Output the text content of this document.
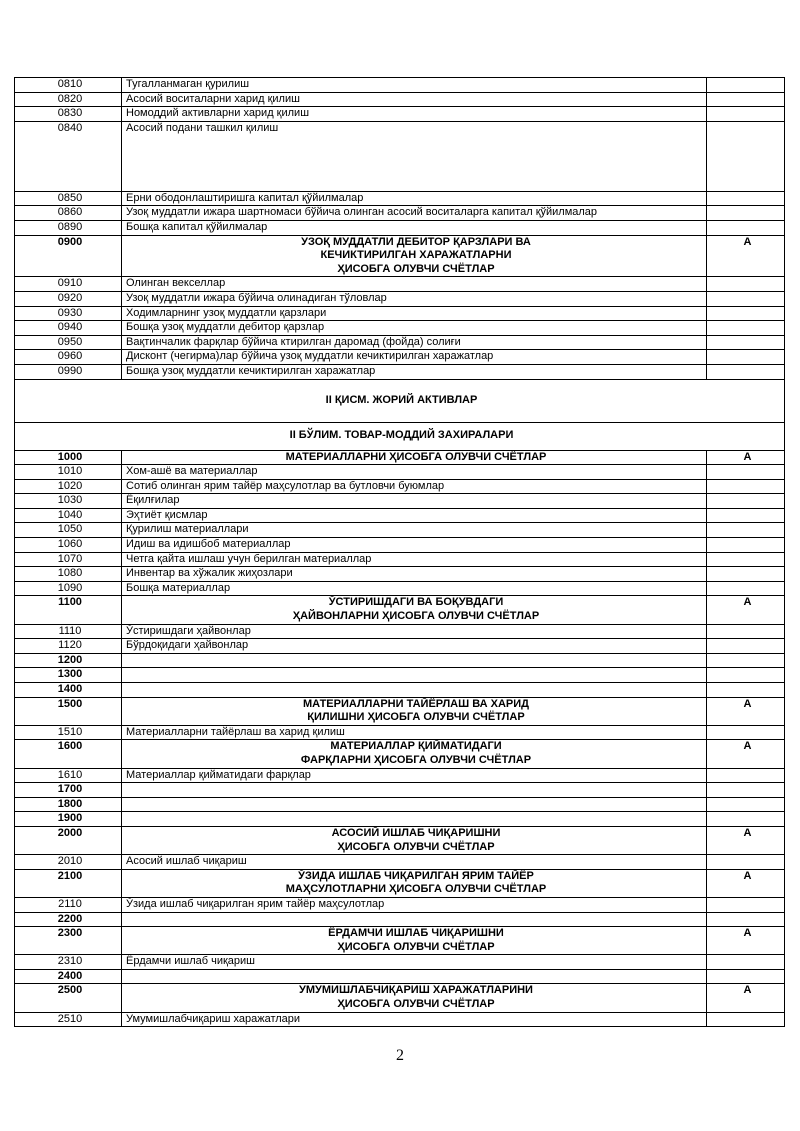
0810	Тугалланмаган қурилиш	
0820	Асосий воситаларни харид қилиш	
0830	Номоддий активларни харид қилиш	
0840	Асосий подани ташкил қилиш	
0850	Ерни ободонлаштиришга капитал қўйилмалар	
0860	Узоқ муддатли ижара шартномаси бўйича олинган асосий воситаларга капитал қўйилмалар	
0890	Бошқа капитал қўйилмалар	
0900	УЗОҚ МУДДАТЛИ ДЕБИТОР ҚАРЗЛАРИ ВА
КЕЧИКТИРИЛГАН ХАРАЖАТЛАРНИ
ҲИСОБГА ОЛУВЧИ СЧЁТЛАР	А
0910	Олинган векселлар	
0920	Узоқ муддатли ижара бўйича олинадиган тўловлар	
0930	Ходимларнинг узоқ муддатли қарзлари	
0940	Бошқа узоқ муддатли дебитор қарзлар	
0950	Вақтинчалик фарқлар бўйича ктирилган даромад (фойда) солиғи	
0960	Дисконт (чегирма)лар бўйича узоқ муддатли кечиктирилган харажатлар	
0990	Бошқа узоқ муддатли кечиктирилган харажатлар	
II ҚИСМ. ЖОРИЙ АКТИВЛАР		
II БЎЛИМ. ТОВАР-МОДДИЙ ЗАХИРАЛАРИ		
1000	МАТЕРИАЛЛАРНИ ҲИСОБГА ОЛУВЧИ СЧЁТЛАР	А
1010	Хом-ашё ва материаллар	
1020	Сотиб олинган ярим тайёр маҳсулотлар ва бутловчи буюмлар	
1030	Ёқилғилар	
1040	Эҳтиёт қисмлар	
1050	Қурилиш материаллари	
1060	Идиш ва идишбоб материаллар	
1070	Четга қайта ишлаш учун берилган материаллар	
1080	Инвентар ва хўжалик жиҳозлари	
1090	Бошқа материаллар	
1100	ЎСТИРИШДАГИ ВА БОҚУВДАГИ
ҲАЙВОНЛАРНИ ҲИСОБГА ОЛУВЧИ СЧЁТЛАР	А
1110	Ўстиришдаги ҳайвонлар	
1120	Бўрдоқидаги ҳайвонлар	
1200		
1300		
1400		
1500	МАТЕРИАЛЛАРНИ ТАЙЁРЛАШ ВА ХАРИД
ҚИЛИШНИ ҲИСОБГА ОЛУВЧИ СЧЁТЛАР	А
1510	Материалларни тайёрлаш ва харид қилиш	
1600	МАТЕРИАЛЛАР ҚИЙМАТИДАГИ
ФАРҚЛАРНИ ҲИСОБГА ОЛУВЧИ СЧЁТЛАР	А
1610	Материаллар қийматидаги фарқлар	
1700		
1800		
1900		
2000	АСОСИЙ ИШЛАБ ЧИҚАРИШНИ
ҲИСОБГА ОЛУВЧИ СЧЁТЛАР	А
2010	Асосий ишлаб чиқариш	
2100	ЎЗИДА ИШЛАБ ЧИҚАРИЛГАН ЯРИМ ТАЙЁР
МАҲСУЛОТЛАРНИ ҲИСОБГА ОЛУВЧИ СЧЁТЛАР	А
2110	Ўзида ишлаб чиқарилган ярим тайёр маҳсулотлар	
2200		
2300	ЁРДАМЧИ ИШЛАБ ЧИҚАРИШНИ
ҲИСОБГА ОЛУВЧИ СЧЁТЛАР	А
2310	Ёрдамчи ишлаб чиқариш	
2400		
2500	УМУМИШЛАБЧИҚАРИШ ХАРАЖАТЛАРИНИ
ҲИСОБГА ОЛУВЧИ СЧЁТЛАР	А
2510	Умумишлабчиқариш харажатлари	
2
